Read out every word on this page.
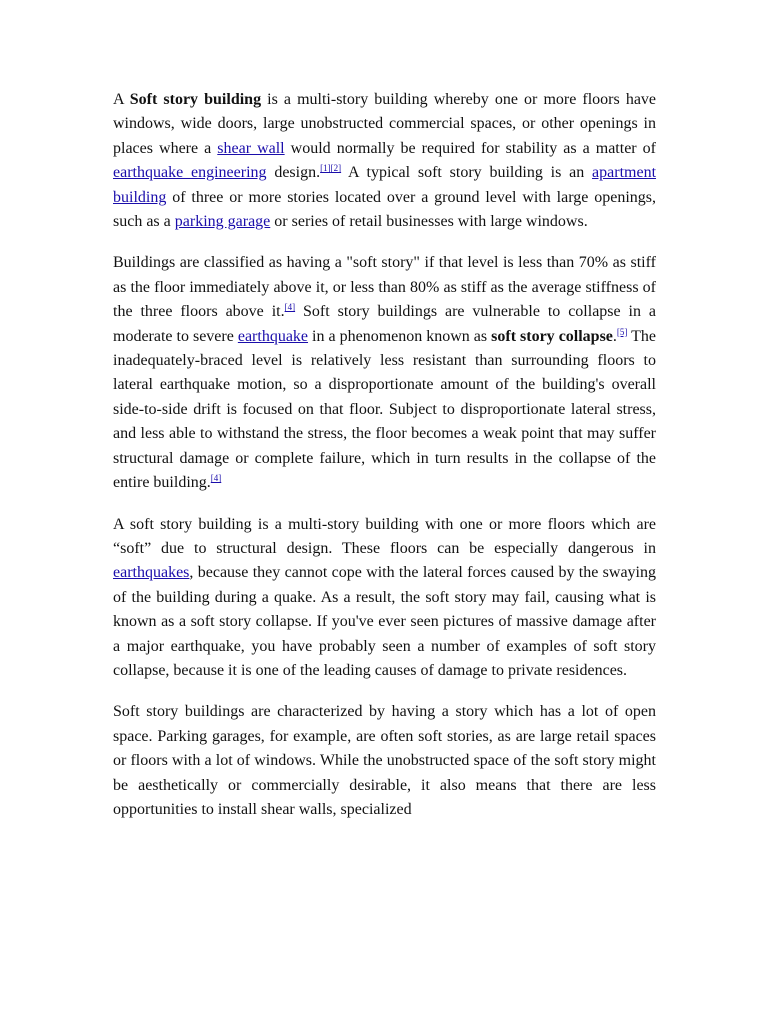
A Soft story building is a multi-story building whereby one or more floors have windows, wide doors, large unobstructed commercial spaces, or other openings in places where a shear wall would normally be required for stability as a matter of earthquake engineering design.[1][2] A typical soft story building is an apartment building of three or more stories located over a ground level with large openings, such as a parking garage or series of retail businesses with large windows.

Buildings are classified as having a "soft story" if that level is less than 70% as stiff as the floor immediately above it, or less than 80% as stiff as the average stiffness of the three floors above it.[4] Soft story buildings are vulnerable to collapse in a moderate to severe earthquake in a phenomenon known as soft story collapse.[5] The inadequately-braced level is relatively less resistant than surrounding floors to lateral earthquake motion, so a disproportionate amount of the building's overall side-to-side drift is focused on that floor. Subject to disproportionate lateral stress, and less able to withstand the stress, the floor becomes a weak point that may suffer structural damage or complete failure, which in turn results in the collapse of the entire building.[4]

A soft story building is a multi-story building with one or more floors which are “soft” due to structural design. These floors can be especially dangerous in earthquakes, because they cannot cope with the lateral forces caused by the swaying of the building during a quake. As a result, the soft story may fail, causing what is known as a soft story collapse. If you've ever seen pictures of massive damage after a major earthquake, you have probably seen a number of examples of soft story collapse, because it is one of the leading causes of damage to private residences.

Soft story buildings are characterized by having a story which has a lot of open space. Parking garages, for example, are often soft stories, as are large retail spaces or floors with a lot of windows. While the unobstructed space of the soft story might be aesthetically or commercially desirable, it also means that there are less opportunities to install shear walls, specialized
